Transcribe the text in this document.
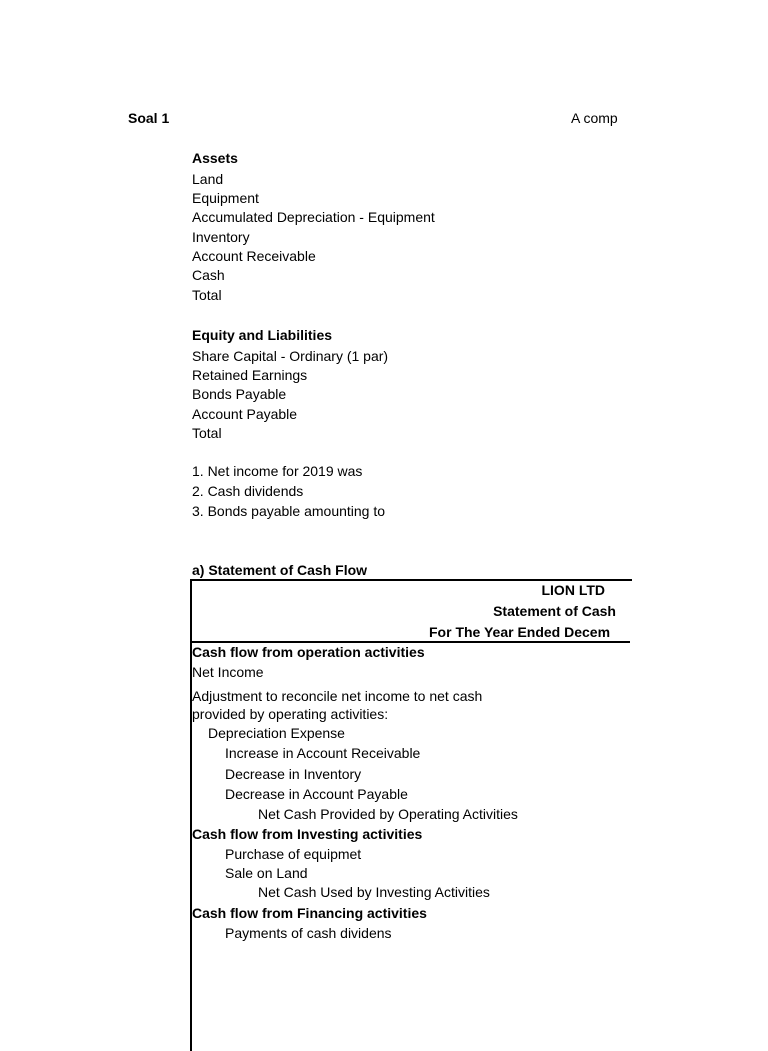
Soal 1	A comp
Assets
Land
Equipment
Accumulated Depreciation - Equipment
Inventory
Account Receivable
Cash
Total
Equity and Liabilities
Share Capital - Ordinary (1 par)
Retained Earnings
Bonds Payable
Account Payable
Total
1. Net income for 2019 was
2. Cash dividends
3. Bonds payable amounting to
a) Statement of Cash Flow
LION LTD
Statement of Cash
For The Year Ended Decem
Cash flow from operation activities
Net Income
Adjustment to reconcile net income to net cash
provided by operating activities:
Depreciation Expense
Increase in Account Receivable
Decrease in Inventory
Decrease in Account Payable
Net Cash Provided by Operating Activities
Cash flow from Investing activities
Purchase of equipmet
Sale on Land
Net Cash Used by Investing Activities
Cash flow from Financing activities
Payments of cash dividens
